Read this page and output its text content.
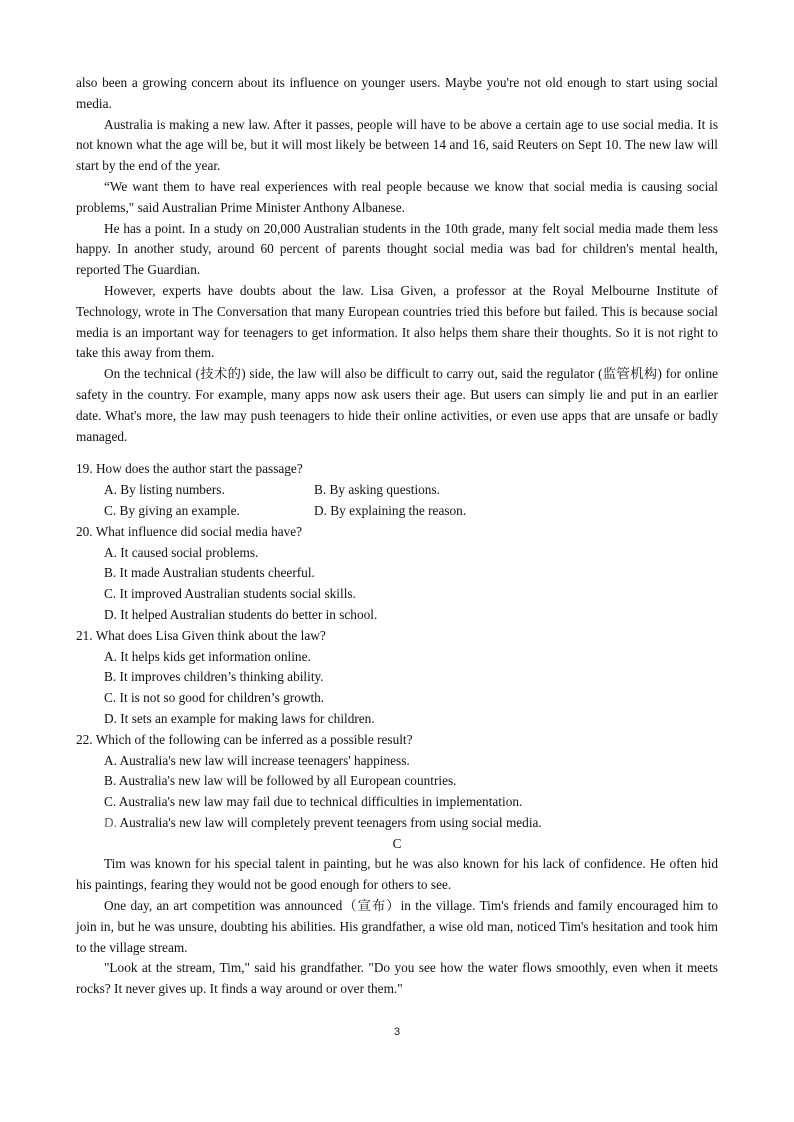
also been a growing concern about its influence on younger users. Maybe you're not old enough to start using social media.

Australia is making a new law. After it passes, people will have to be above a certain age to use social media. It is not known what the age will be, but it will most likely be between 14 and 16, said Reuters on Sept 10. The new law will start by the end of the year.

“We want them to have real experiences with real people because we know that social media is causing social problems," said Australian Prime Minister Anthony Albanese.

He has a point. In a study on 20,000 Australian students in the 10th grade, many felt social media made them less happy. In another study, around 60 percent of parents thought social media was bad for children's mental health, reported The Guardian.

However, experts have doubts about the law. Lisa Given, a professor at the Royal Melbourne Institute of Technology, wrote in The Conversation that many European countries tried this before but failed. This is because social media is an important way for teenagers to get information. It also helps them share their thoughts. So it is not right to take this away from them.

On the technical (技术的) side, the law will also be difficult to carry out, said the regulator (监管机构) for online safety in the country. For example, many apps now ask users their age. But users can simply lie and put in an earlier date. What's more, the law may push teenagers to hide their online activities, or even use apps that are unsafe or badly managed.

19. How does the author start the passage?
A. By listing numbers.	B. By asking questions.
C. By giving an example.	D. By explaining the reason.
20. What influence did social media have?
A. It caused social problems.
B. It made Australian students cheerful.
C. It improved Australian students social skills.
D. It helped Australian students do better in school.
21. What does Lisa Given think about the law?
A. It helps kids get information online.
B. It improves children’s thinking ability.
C. It is not so good for children’s growth.
D. It sets an example for making laws for children.
22. Which of the following can be inferred as a possible result?
A. Australia's new law will increase teenagers' happiness.
B. Australia's new law will be followed by all European countries.
C. Australia's new law may fail due to technical difficulties in implementation.
D. Australia's new law will completely prevent teenagers from using social media.
C

Tim was known for his special talent in painting, but he was also known for his lack of confidence. He often hid his paintings, fearing they would not be good enough for others to see.

One day, an art competition was announced（宣布）in the village. Tim's friends and family encouraged him to join in, but he was unsure, doubting his abilities. His grandfather, a wise old man, noticed Tim's hesitation and took him to the village stream.

"Look at the stream, Tim," said his grandfather. "Do you see how the water flows smoothly, even when it meets rocks? It never gives up. It finds a way around or over them."

3
